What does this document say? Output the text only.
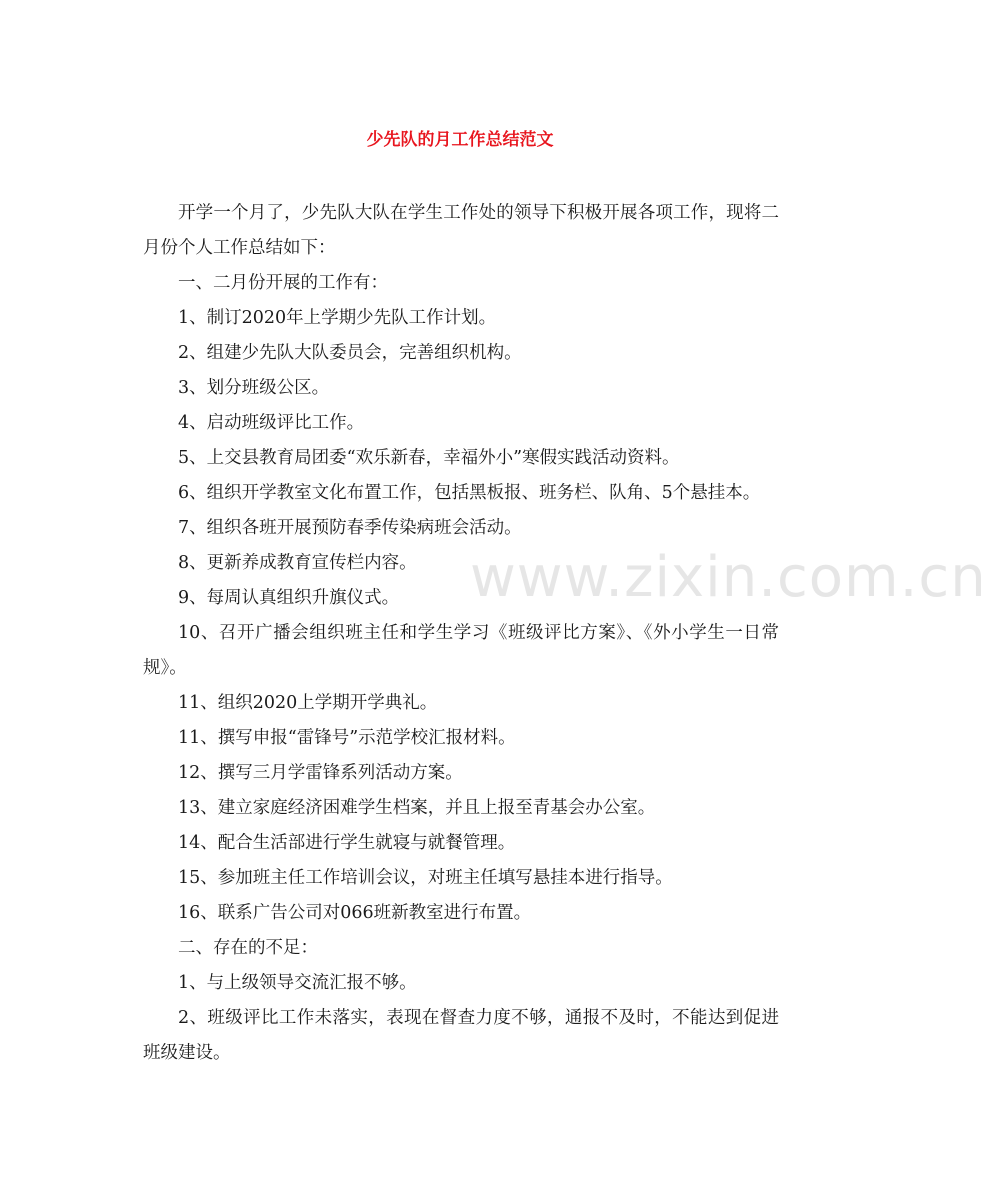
www.zixin.com.cn
少先队的月工作总结范文

开学一个月了，少先队大队在学生工作处的领导下积极开展各项工作，现将二月份个人工作总结如下：

一、二月份开展的工作有：

1、制订2020年上学期少先队工作计划。

2、组建少先队大队委员会，完善组织机构。

3、划分班级公区。

4、启动班级评比工作。

5、上交县教育局团委“欢乐新春，幸福外小”寒假实践活动资料。

6、组织开学教室文化布置工作，包括黑板报、班务栏、队角、5个悬挂本。

7、组织各班开展预防春季传染病班会活动。

8、更新养成教育宣传栏内容。

9、每周认真组织升旗仪式。

10、召开广播会组织班主任和学生学习《班级评比方案》、《外小学生一日常规》。

11、组织2020上学期开学典礼。

11、撰写申报“雷锋号”示范学校汇报材料。

12、撰写三月学雷锋系列活动方案。

13、建立家庭经济困难学生档案，并且上报至青基会办公室。

14、配合生活部进行学生就寝与就餐管理。

15、参加班主任工作培训会议，对班主任填写悬挂本进行指导。

16、联系广告公司对066班新教室进行布置。

二、存在的不足：

1、与上级领导交流汇报不够。

2、班级评比工作未落实，表现在督查力度不够，通报不及时，不能达到促进班级建设。
